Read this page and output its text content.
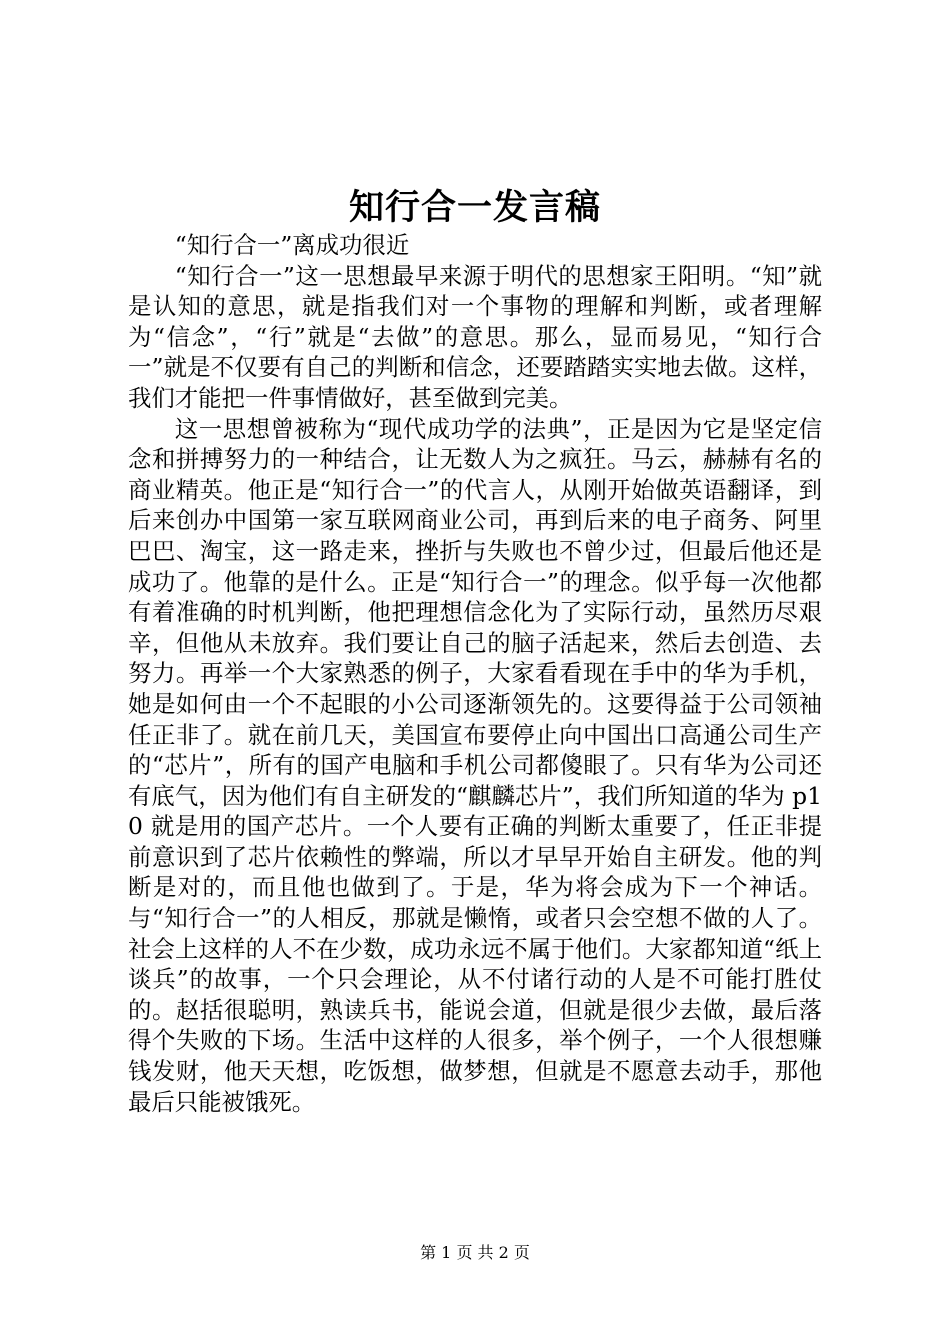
知行合一发言稿

“知行合一”离成功很近

“知行合一”这一思想最早来源于明代的思想家王阳明。“知”就是认知的意思，就是指我们对一个事物的理解和判断，或者理解为“信念”，“行”就是“去做”的意思。那么，显而易见，“知行合一”就是不仅要有自己的判断和信念，还要踏踏实实地去做。这样，我们才能把一件事情做好，甚至做到完美。

这一思想曾被称为“现代成功学的法典”，正是因为它是坚定信念和拼搏努力的一种结合，让无数人为之疯狂。马云，赫赫有名的商业精英。他正是“知行合一”的代言人，从刚开始做英语翻译，到后来创办中国第一家互联网商业公司，再到后来的电子商务、阿里巴巴、淘宝，这一路走来，挫折与失败也不曾少过，但最后他还是成功了。他靠的是什么。正是“知行合一”的理念。似乎每一次他都有着准确的时机判断，他把理想信念化为了实际行动，虽然历尽艰辛，但他从未放弃。我们要让自己的脑子活起来，然后去创造、去努力。再举一个大家熟悉的例子，大家看看现在手中的华为手机，她是如何由一个不起眼的小公司逐渐领先的。这要得益于公司领袖任正非了。就在前几天，美国宣布要停止向中国出口高通公司生产的“芯片”，所有的国产电脑和手机公司都傻眼了。只有华为公司还有底气，因为他们有自主研发的“麒麟芯片”，我们所知道的华为 p10 就是用的国产芯片。一个人要有正确的判断太重要了，任正非提前意识到了芯片依赖性的弊端，所以才早早开始自主研发。他的判断是对的，而且他也做到了。于是，华为将会成为下一个神话。与“知行合一”的人相反，那就是懒惰，或者只会空想不做的人了。社会上这样的人不在少数，成功永远不属于他们。大家都知道“纸上谈兵”的故事，一个只会理论，从不付诸行动的人是不可能打胜仗的。赵括很聪明，熟读兵书，能说会道，但就是很少去做，最后落得个失败的下场。生活中这样的人很多，举个例子，一个人很想赚钱发财，他天天想，吃饭想，做梦想，但就是不愿意去动手，那他最后只能被饿死。

第 1 页 共 2 页
